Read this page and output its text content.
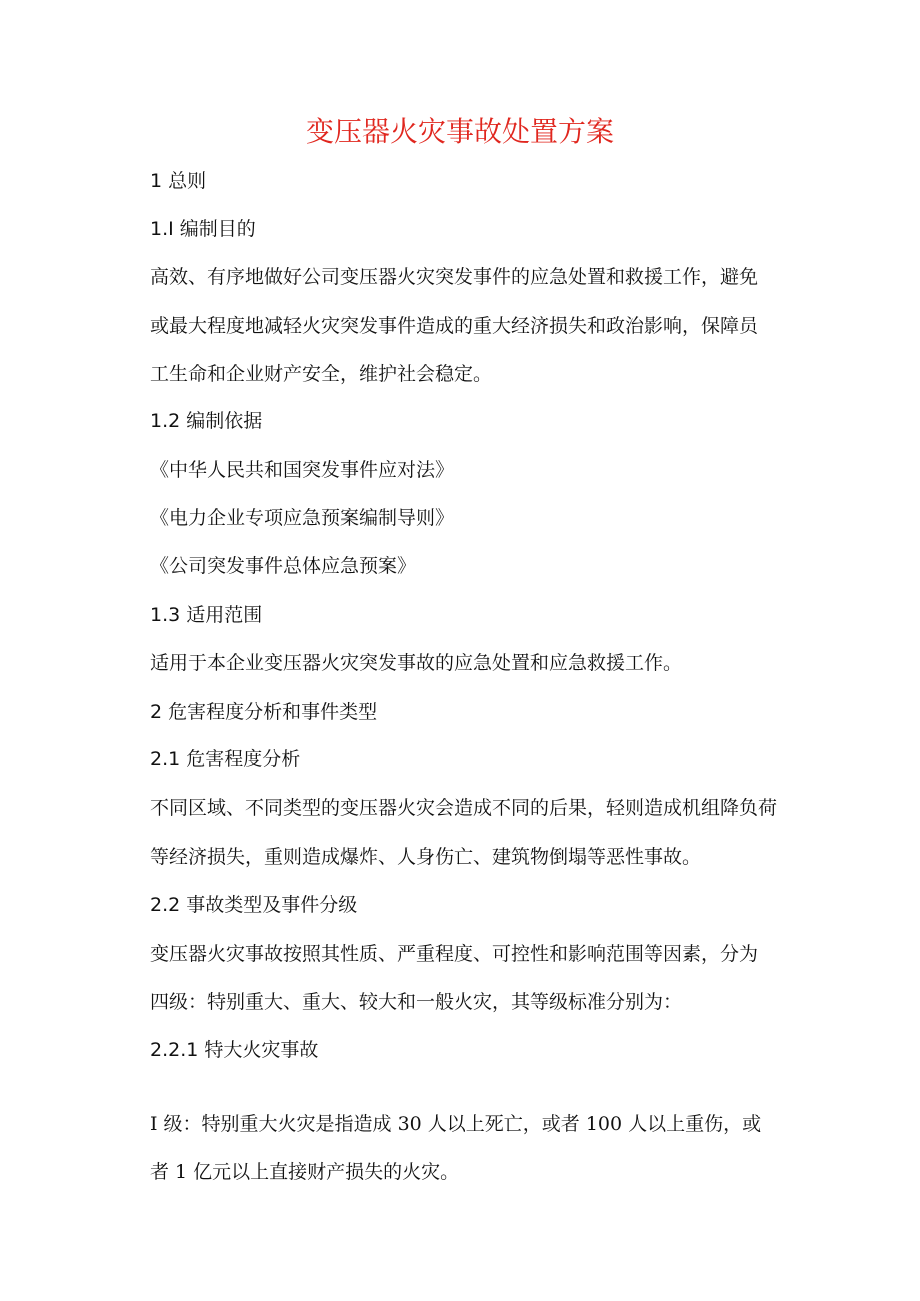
变压器火灾事故处置方案
1 总则
1.I 编制目的
高效、有序地做好公司变压器火灾突发事件的应急处置和救援工作，避免
或最大程度地减轻火灾突发事件造成的重大经济损失和政治影响，保障员
工生命和企业财产安全，维护社会稳定。
1.2 编制依据
《中华人民共和国突发事件应对法》
《电力企业专项应急预案编制导则》
《公司突发事件总体应急预案》
1.3 适用范围
适用于本企业变压器火灾突发事故的应急处置和应急救援工作。
2 危害程度分析和事件类型
2.1 危害程度分析
不同区域、不同类型的变压器火灾会造成不同的后果，轻则造成机组降负荷
等经济损失，重则造成爆炸、人身伤亡、建筑物倒塌等恶性事故。
2.2 事故类型及事件分级
变压器火灾事故按照其性质、严重程度、可控性和影响范围等因素，分为
四级：特别重大、重大、较大和一般火灾，其等级标准分别为：
2.2.1 特大火灾事故
I 级：特别重大火灾是指造成 30 人以上死亡，或者 100 人以上重伤，或
者 1 亿元以上直接财产损失的火灾。
